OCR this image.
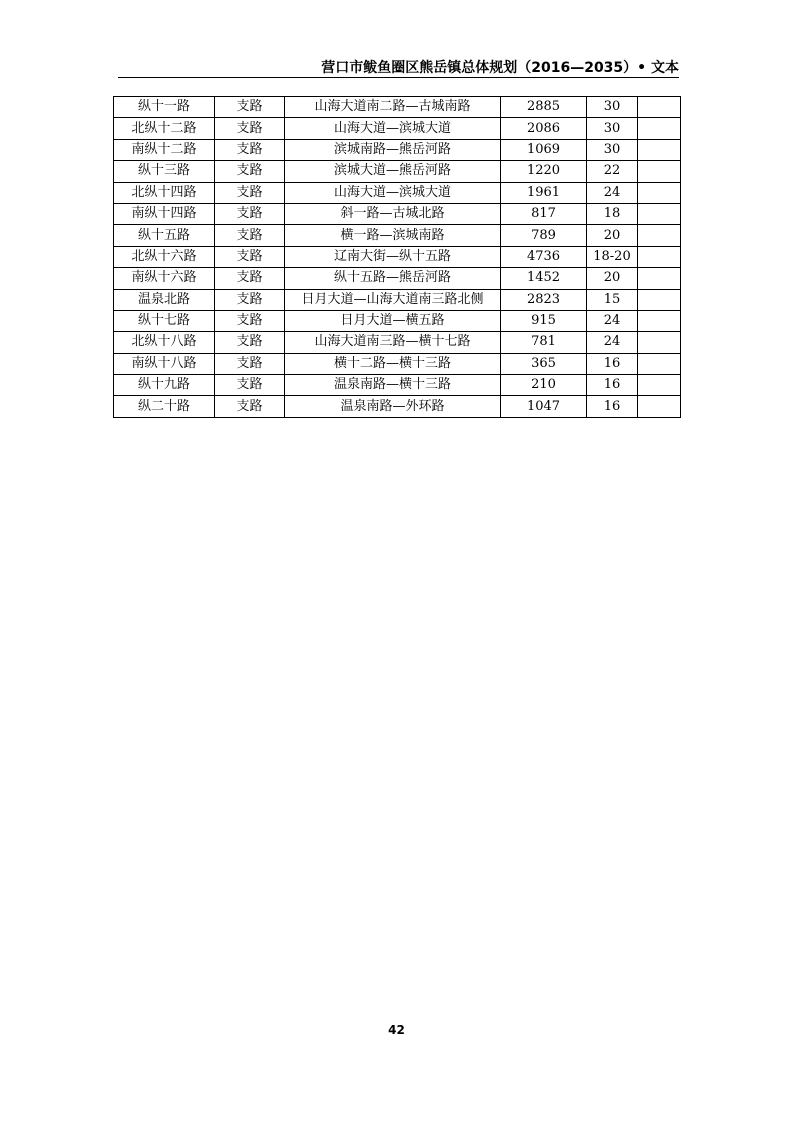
营口市鲅鱼圈区熊岳镇总体规划（2016—2035）• 文本
纵十一路	支路	山海大道南二路—古城南路	2885	30	
北纵十二路	支路	山海大道—滨城大道	2086	30	
南纵十二路	支路	滨城南路—熊岳河路	1069	30	
纵十三路	支路	滨城大道—熊岳河路	1220	22	
北纵十四路	支路	山海大道—滨城大道	1961	24	
南纵十四路	支路	斜一路—古城北路	817	18	
纵十五路	支路	横一路—滨城南路	789	20	
北纵十六路	支路	辽南大街—纵十五路	4736	18-20	
南纵十六路	支路	纵十五路—熊岳河路	1452	20	
温泉北路	支路	日月大道—山海大道南三路北侧	2823	15	
纵十七路	支路	日月大道—横五路	915	24	
北纵十八路	支路	山海大道南三路—横十七路	781	24	
南纵十八路	支路	横十二路—横十三路	365	16	
纵十九路	支路	温泉南路—横十三路	210	16	
纵二十路	支路	温泉南路—外环路	1047	16	
42
